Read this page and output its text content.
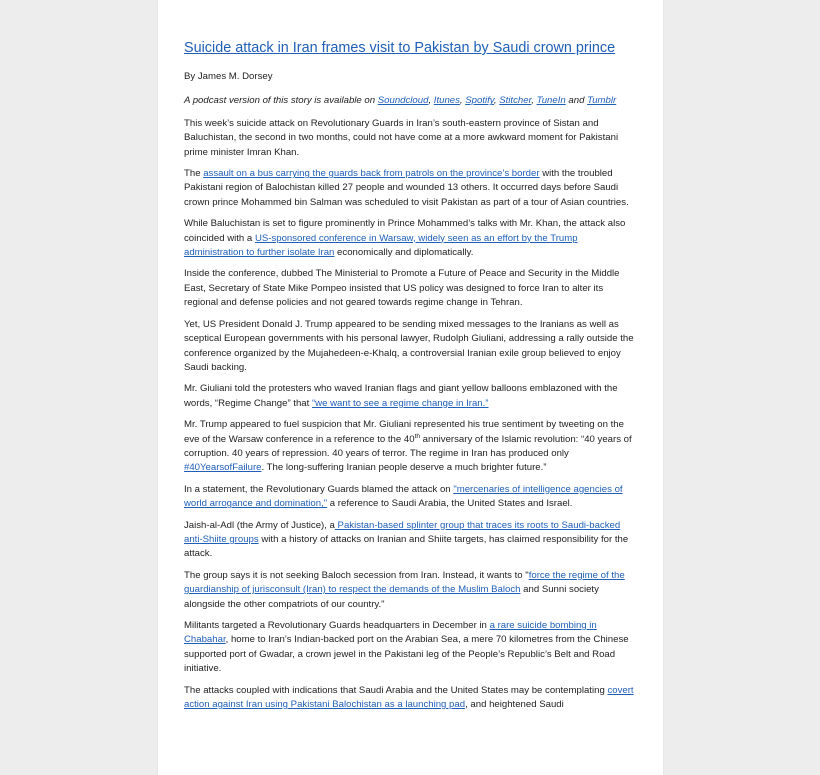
Suicide attack in Iran frames visit to Pakistan by Saudi crown prince
By James M. Dorsey
A podcast version of this story is available on Soundcloud, Itunes, Spotify, Stitcher, TuneIn and Tumblr

This week’s suicide attack on Revolutionary Guards in Iran’s south-eastern province of Sistan and Baluchistan, the second in two months, could not have come at a more awkward moment for Pakistani prime minister Imran Khan.

The assault on a bus carrying the guards back from patrols on the province’s border with the troubled Pakistani region of Balochistan killed 27 people and wounded 13 others. It occurred days before Saudi crown prince Mohammed bin Salman was scheduled to visit Pakistan as part of a tour of Asian countries.

While Baluchistan is set to figure prominently in Prince Mohammed’s talks with Mr. Khan, the attack also coincided with a US-sponsored conference in Warsaw, widely seen as an effort by the Trump administration to further isolate Iran economically and diplomatically.

Inside the conference, dubbed The Ministerial to Promote a Future of Peace and Security in the Middle East, Secretary of State Mike Pompeo insisted that US policy was designed to force Iran to alter its regional and defense policies and not geared towards regime change in Tehran.

Yet, US President Donald J. Trump appeared to be sending mixed messages to the Iranians as well as sceptical European governments with his personal lawyer, Rudolph Giuliani, addressing a rally outside the conference organized by the Mujahedeen-e-Khalq, a controversial Iranian exile group believed to enjoy Saudi backing.

Mr. Giuliani told the protesters who waved Iranian flags and giant yellow balloons emblazoned with the words, “Regime Change” that “we want to see a regime change in Iran.”

Mr. Trump appeared to fuel suspicion that Mr. Giuliani represented his true sentiment by tweeting on the eve of the Warsaw conference in a reference to the 40th anniversary of the Islamic revolution: “40 years of corruption. 40 years of repression. 40 years of terror. The regime in Iran has produced only #40YearsofFailure. The long-suffering Iranian people deserve a much brighter future.”

In a statement, the Revolutionary Guards blamed the attack on "mercenaries of intelligence agencies of world arrogance and domination," a reference to Saudi Arabia, the United States and Israel.

Jaish-al-Adl (the Army of Justice), a Pakistan-based splinter group that traces its roots to Saudi-backed anti-Shiite groups with a history of attacks on Iranian and Shiite targets, has claimed responsibility for the attack.

The group says it is not seeking Baloch secession from Iran. Instead, it wants to "force the regime of the guardianship of jurisconsult (Iran) to respect the demands of the Muslim Baloch and Sunni society alongside the other compatriots of our country."

Militants targeted a Revolutionary Guards headquarters in December in a rare suicide bombing in Chabahar, home to Iran’s Indian-backed port on the Arabian Sea, a mere 70 kilometres from the Chinese supported port of Gwadar, a crown jewel in the Pakistani leg of the People’s Republic’s Belt and Road initiative.

The attacks coupled with indications that Saudi Arabia and the United States may be contemplating covert action against Iran using Pakistani Balochistan as a launching pad, and heightened Saudi
